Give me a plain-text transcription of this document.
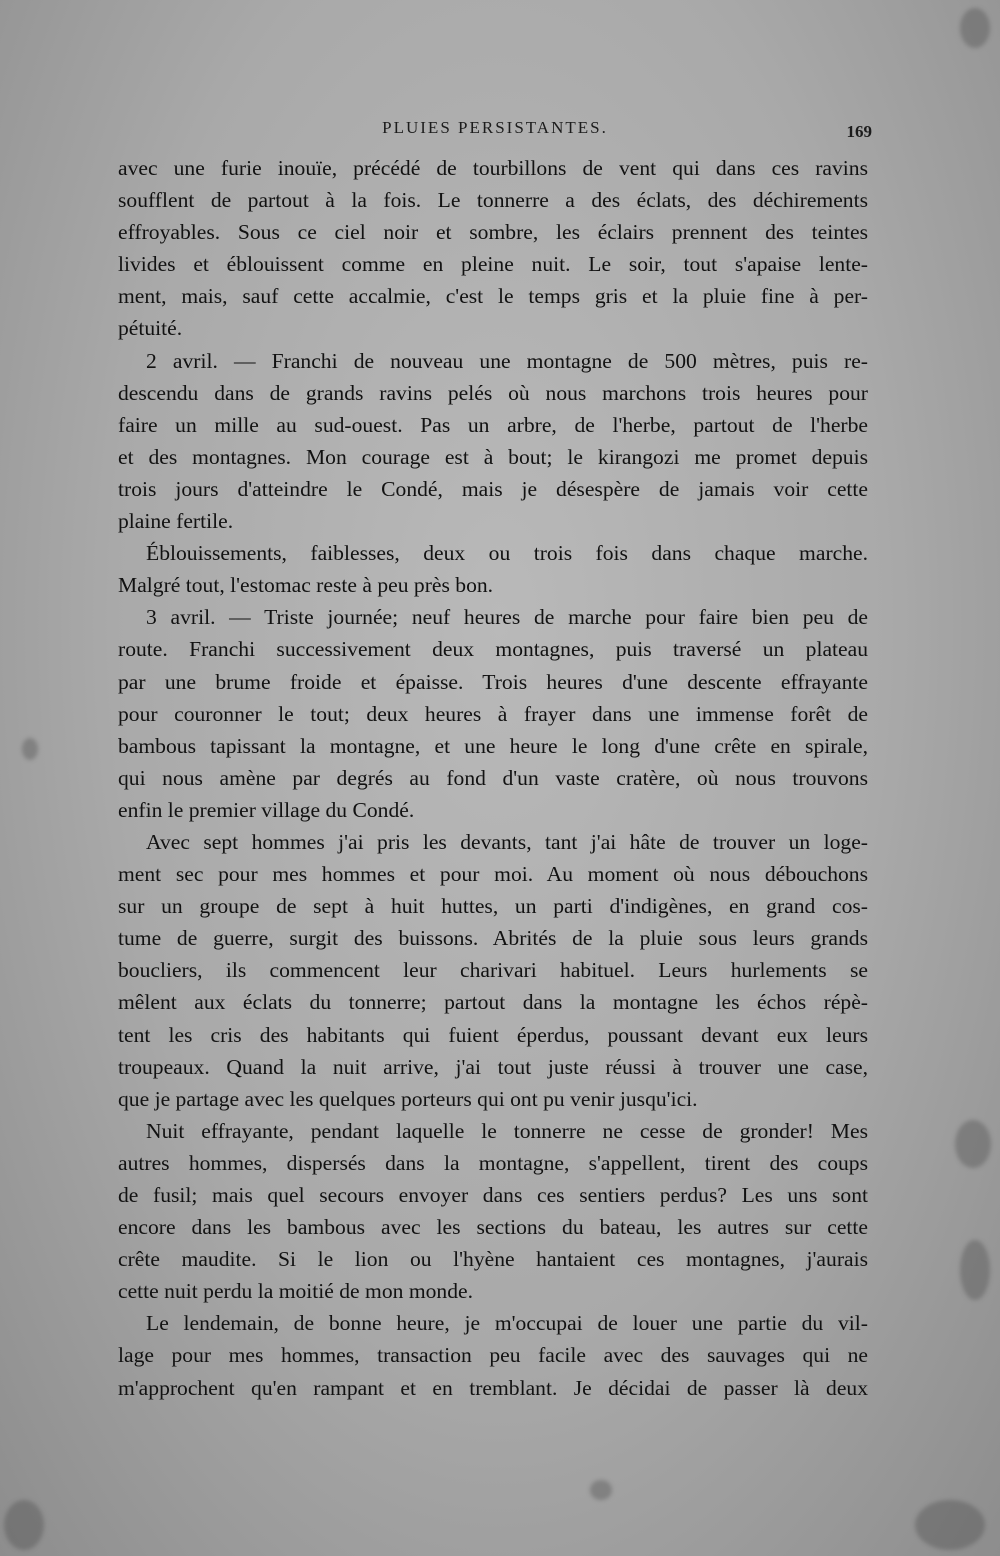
PLUIES PERSISTANTES.	169
avec une furie inouïe, précédé de tourbillons de vent qui dans ces ravins
soufflent de partout à la fois. Le tonnerre a des éclats, des déchirements
effroyables. Sous ce ciel noir et sombre, les éclairs prennent des teintes
livides et éblouissent comme en pleine nuit. Le soir, tout s'apaise lente-
ment, mais, sauf cette accalmie, c'est le temps gris et la pluie fine à per-
pétuité.
2 avril. — Franchi de nouveau une montagne de 500 mètres, puis re-
descendu dans de grands ravins pelés où nous marchons trois heures pour
faire un mille au sud-ouest. Pas un arbre, de l'herbe, partout de l'herbe
et des montagnes. Mon courage est à bout; le kirangozi me promet depuis
trois jours d'atteindre le Condé, mais je désespère de jamais voir cette
plaine fertile.
Éblouissements, faiblesses, deux ou trois fois dans chaque marche.
Malgré tout, l'estomac reste à peu près bon.
3 avril. — Triste journée; neuf heures de marche pour faire bien peu de
route. Franchi successivement deux montagnes, puis traversé un plateau
par une brume froide et épaisse. Trois heures d'une descente effrayante
pour couronner le tout; deux heures à frayer dans une immense forêt de
bambous tapissant la montagne, et une heure le long d'une crête en spirale,
qui nous amène par degrés au fond d'un vaste cratère, où nous trouvons
enfin le premier village du Condé.
Avec sept hommes j'ai pris les devants, tant j'ai hâte de trouver un loge-
ment sec pour mes hommes et pour moi. Au moment où nous débouchons
sur un groupe de sept à huit huttes, un parti d'indigènes, en grand cos-
tume de guerre, surgit des buissons. Abrités de la pluie sous leurs grands
boucliers, ils commencent leur charivari habituel. Leurs hurlements se
mêlent aux éclats du tonnerre; partout dans la montagne les échos répè-
tent les cris des habitants qui fuient éperdus, poussant devant eux leurs
troupeaux. Quand la nuit arrive, j'ai tout juste réussi à trouver une case,
que je partage avec les quelques porteurs qui ont pu venir jusqu'ici.
Nuit effrayante, pendant laquelle le tonnerre ne cesse de gronder! Mes
autres hommes, dispersés dans la montagne, s'appellent, tirent des coups
de fusil; mais quel secours envoyer dans ces sentiers perdus? Les uns sont
encore dans les bambous avec les sections du bateau, les autres sur cette
crête maudite. Si le lion ou l'hyène hantaient ces montagnes, j'aurais
cette nuit perdu la moitié de mon monde.
Le lendemain, de bonne heure, je m'occupai de louer une partie du vil-
lage pour mes hommes, transaction peu facile avec des sauvages qui ne
m'approchent qu'en rampant et en tremblant. Je décidai de passer là deux
